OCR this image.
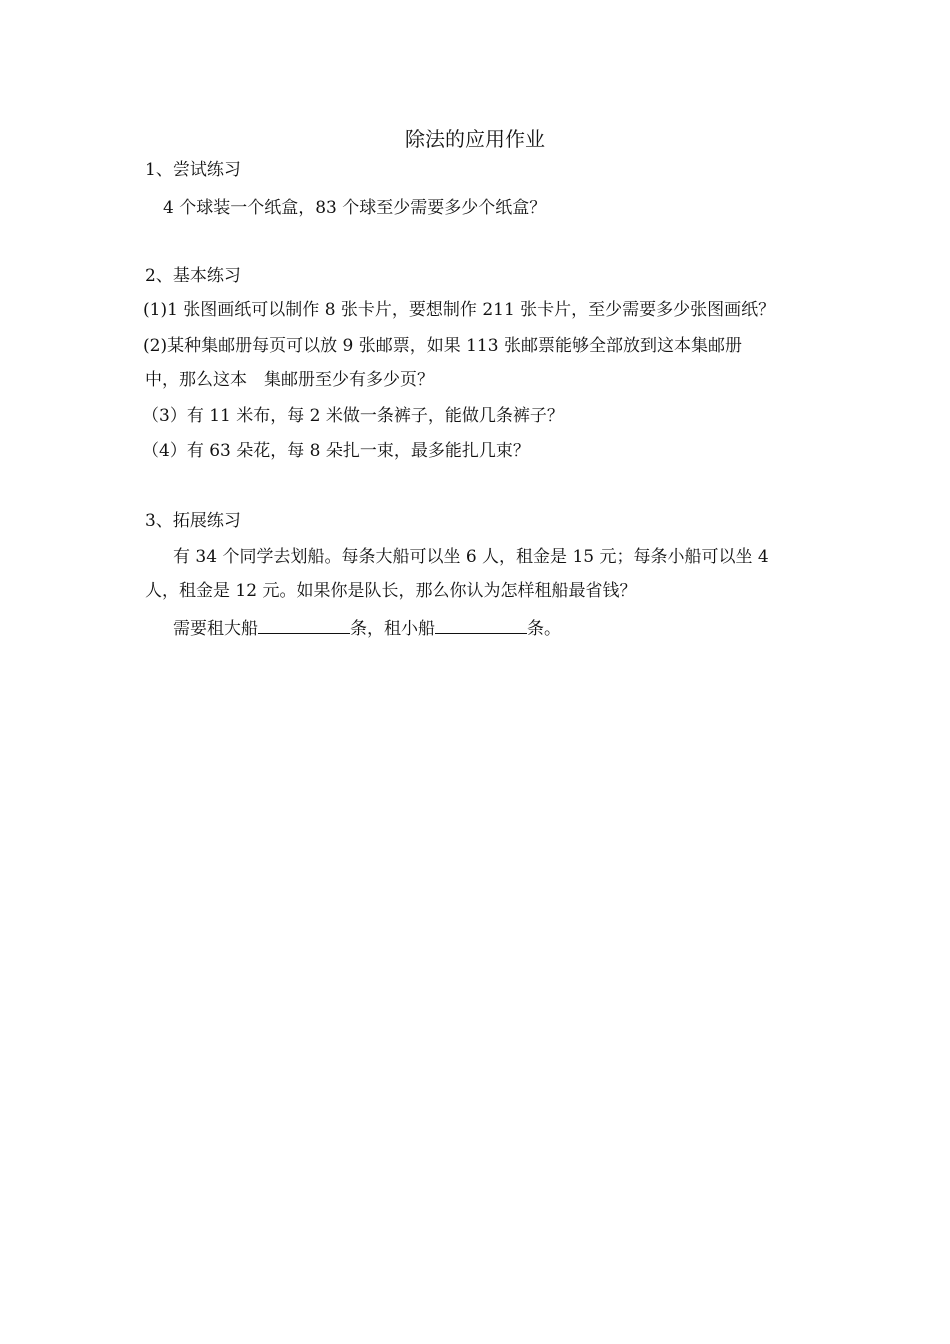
除法的应用作业
1、尝试练习
4 个球装一个纸盒，83 个球至少需要多少个纸盒？
2、基本练习
(1)1 张图画纸可以制作 8 张卡片，要想制作 211 张卡片，至少需要多少张图画纸？
(2)某种集邮册每页可以放 9 张邮票，如果 113 张邮票能够全部放到这本集邮册
中，那么这本　集邮册至少有多少页？
（3）有 11 米布，每 2 米做一条裤子，能做几条裤子？
（4）有 63 朵花，每 8 朵扎一束，最多能扎几束？
3、拓展练习
有 34 个同学去划船。每条大船可以坐 6 人，租金是 15 元；每条小船可以坐 4
人，租金是 12 元。如果你是队长，那么你认为怎样租船最省钱？
需要租大船	条，租小船	条。
